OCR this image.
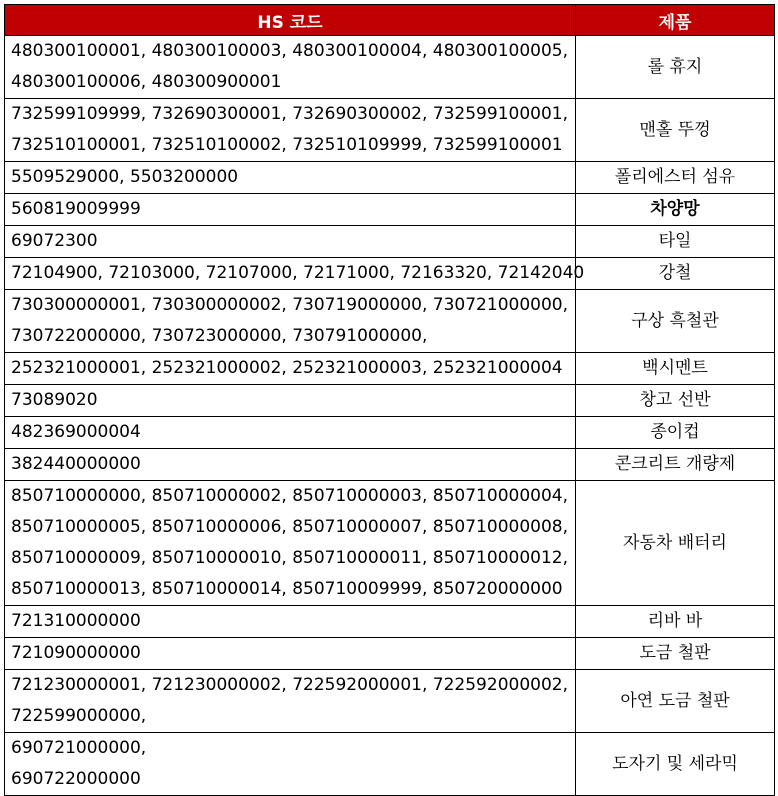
HS 코드	제품

480300100001, 480300100003, 480300100004, 480300100005,
480300100006, 480300900001	롤 휴지

732599109999, 732690300001, 732690300002, 732599100001,
732510100001, 732510100002, 732510109999, 732599100001	맨홀 뚜껑

5509529000, 5503200000	폴리에스터 섬유

560819009999	차양망

69072300	타일

72104900, 72103000, 72107000, 72171000, 72163320, 72142040	강철

730300000001, 730300000002, 730719000000, 730721000000,
730722000000, 730723000000, 730791000000,	구상 흑철관

252321000001, 252321000002, 252321000003, 252321000004	백시멘트

73089020	창고 선반

482369000004	종이컵

382440000000	콘크리트 개량제

850710000000, 850710000002, 850710000003, 850710000004,
850710000005, 850710000006, 850710000007, 850710000008,
850710000009, 850710000010, 850710000011, 850710000012,
850710000013, 850710000014, 850710009999, 850720000000	자동차 배터리

721310000000	리바 바

721090000000	도금 철판

721230000001, 721230000002, 722592000001, 722592000002,
722599000000,	아연 도금 철판

690721000000,
690722000000	도자기 및 세라믹
